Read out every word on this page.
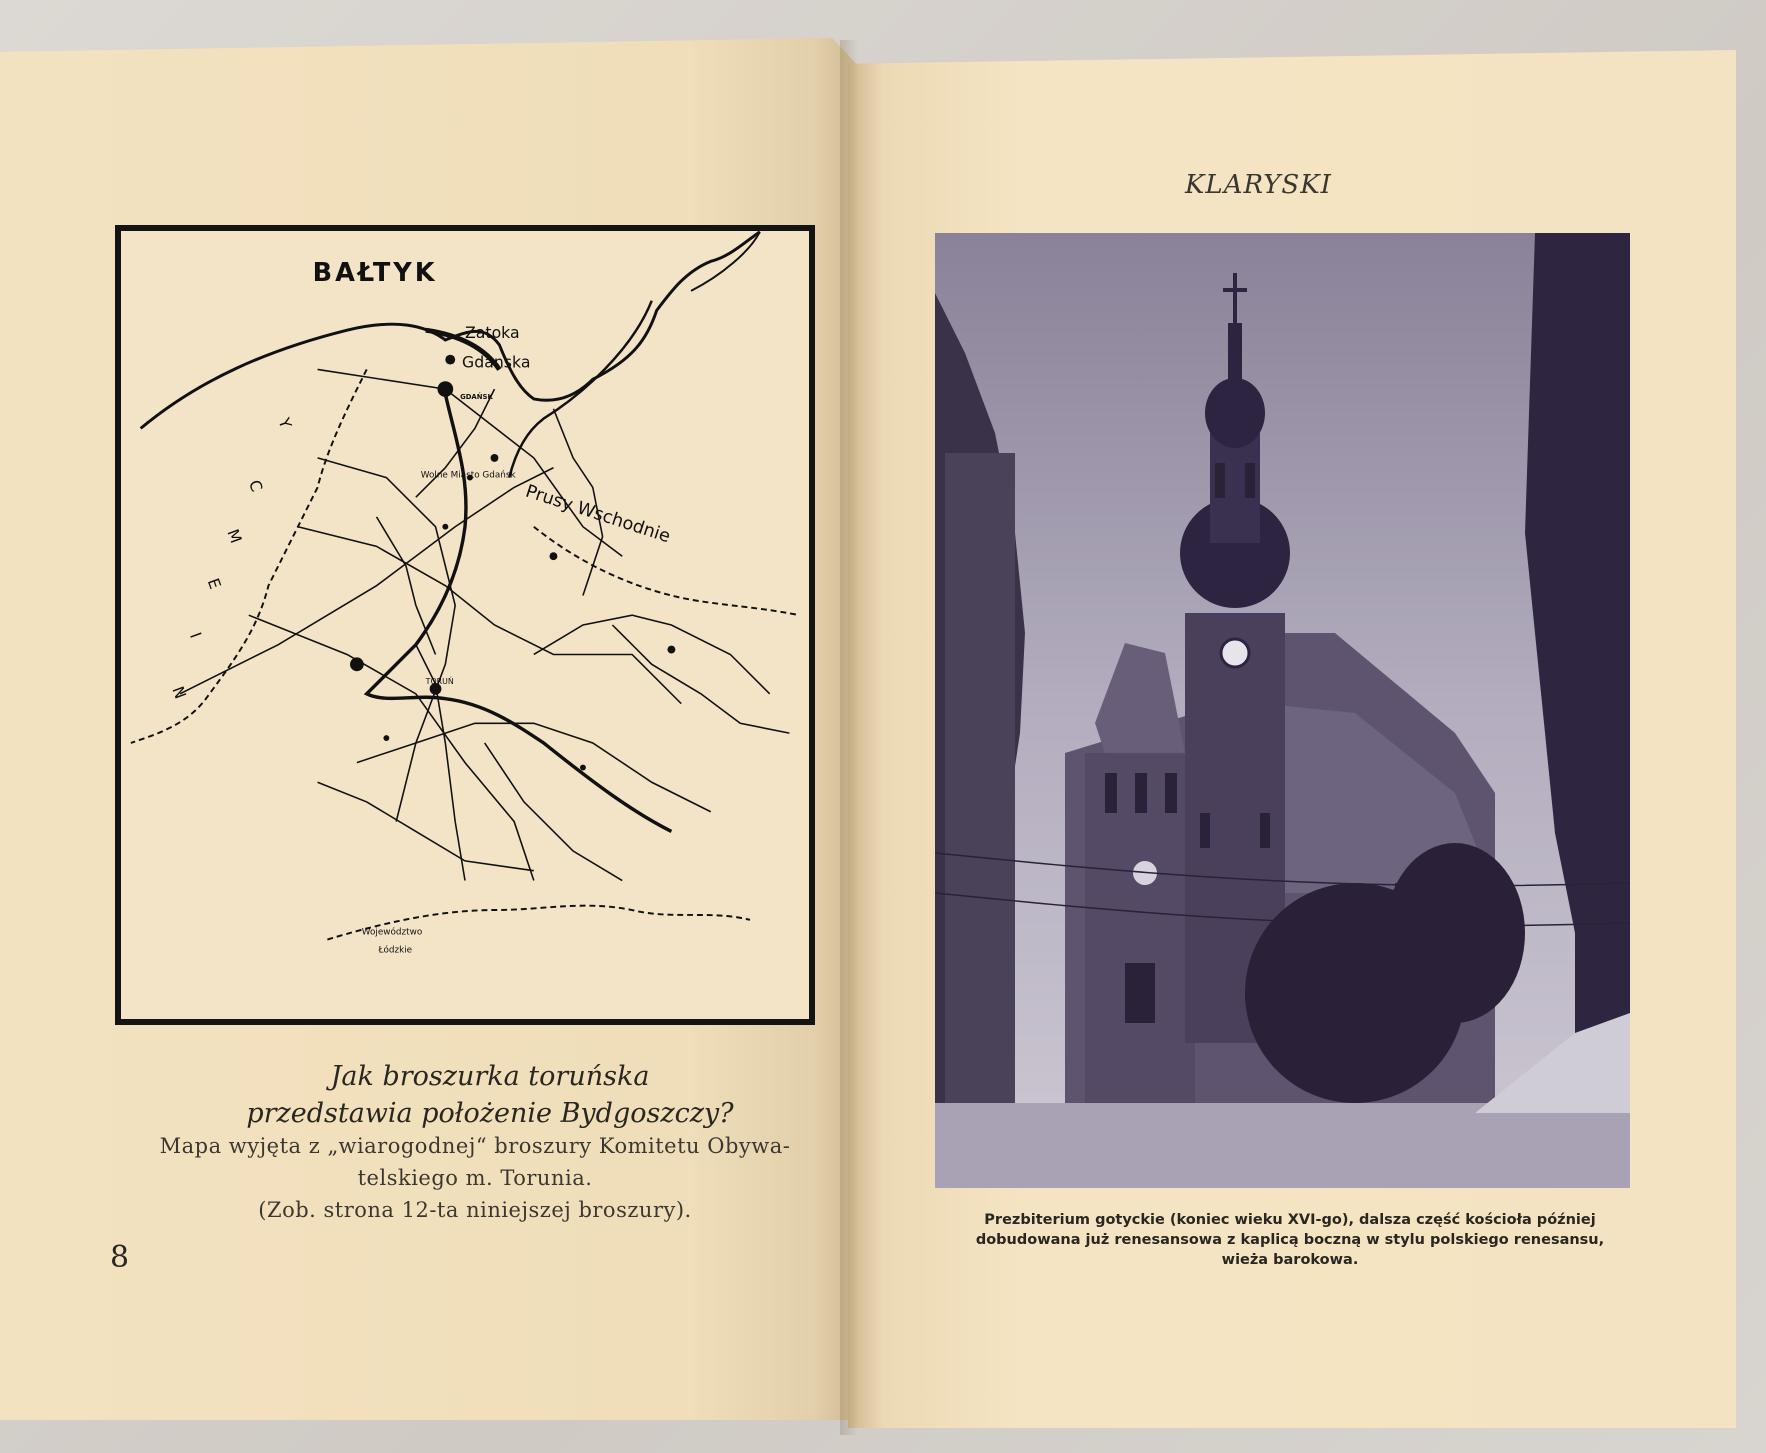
BAŁTYK
Zatoka
Gdanska
GDAŃSK
Wolne Miasto Gdańsk
TORUŃ
Prusy Wschodnie
Województwo
Łódzkie
Y
C
M
E
I
N
Jak broszurka toruńska
przedstawia położenie Bydgoszczy?
Mapa wyjęta z „wiarogodnej“ broszury Komitetu Obywa-
telskiego m. Torunia.
(Zob. strona 12-ta niniejszej broszury).
8
KLARYSKI
Prezbiterium gotyckie (koniec wieku XVI-go), dalsza część kościoła później
dobudowana już renesansowa z kaplicą boczną w stylu polskiego renesansu,
wieża barokowa.
